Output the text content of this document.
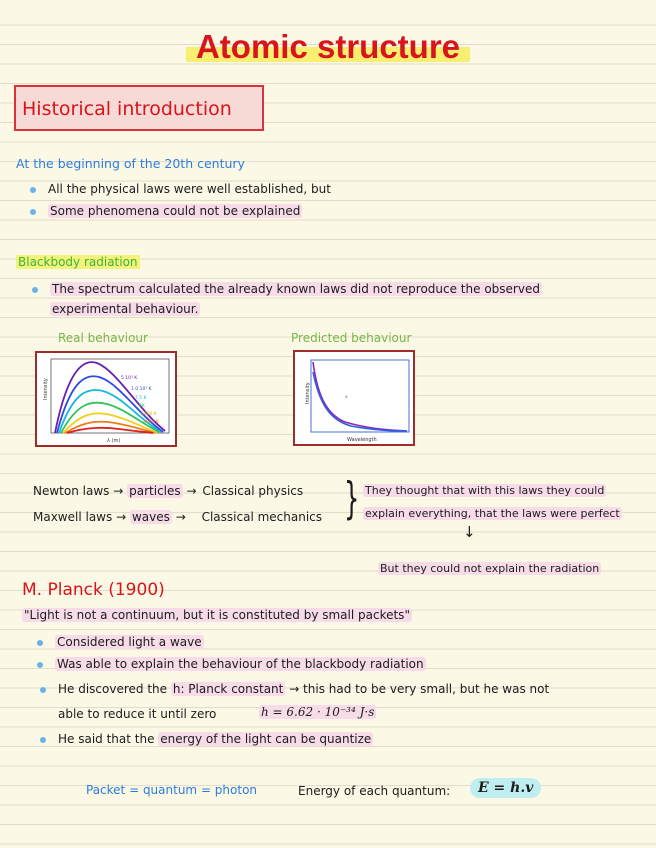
Atomic structure
Historical introduction
At the beginning of the 20th century
All the physical laws were well established, but
Some phenomena could not be explained
Blackbody radiation
The spectrum calculated the already known laws did not reproduce the observed
experimental behaviour.
Real behaviour	Predicted behaviour
Intensity
λ (m)
5 10³ K
1.0 10³ K
7.5 K
6K
5000 K
4000 K
x
Intensity
Wavelength
Newton laws → particles → Classical physics
Maxwell laws → waves → Classical mechanics } They thought that with this laws they could
explain everything, that the laws were perfect
↓
But they could not explain the radiation
M. Planck (1900)
"Light is not a continuum, but it is constituted by small packets"
Considered light a wave
Was able to explain the behaviour of the blackbody radiation
He discovered the h: Planck constant → this had to be very small, but he was not
able to reduce it until zero	h = 6.62 · 10⁻³⁴ J·s
He said that the energy of the light can be quantize
Packet = quantum = photon	Energy of each quantum:	E = h.v
